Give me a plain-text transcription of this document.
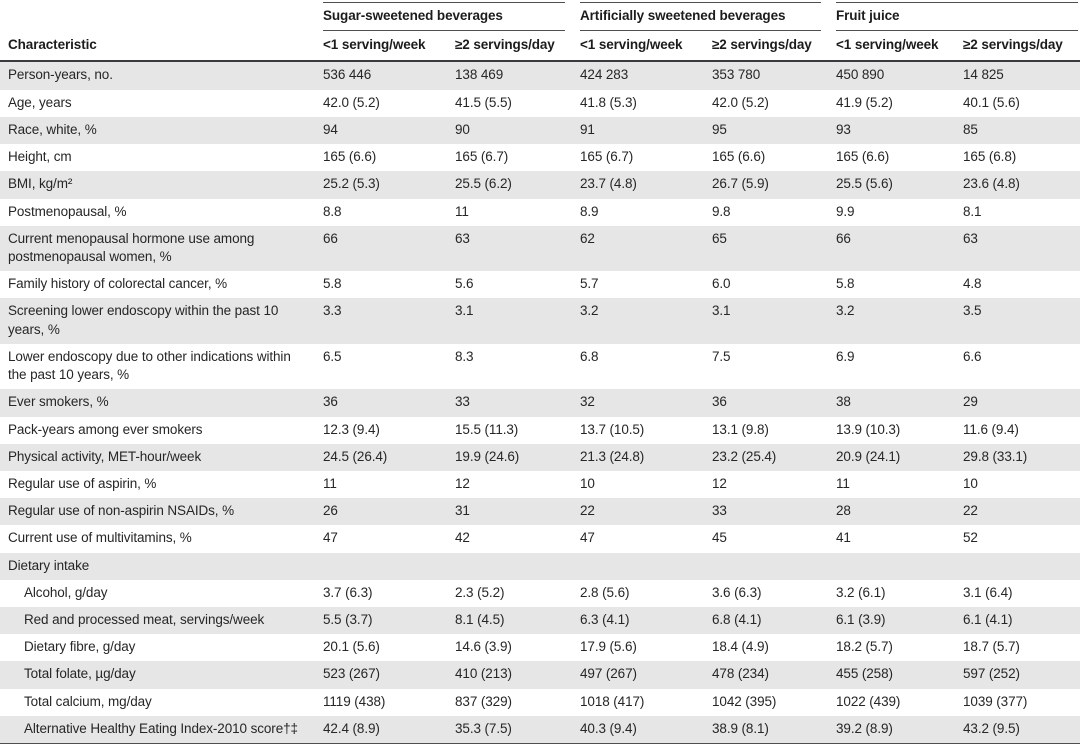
	Sugar-sweetened beverages		Artificially sweetened beverages		Fruit juice	

Characteristic	<1 serving/week	≥2 servings/day	<1 serving/week	≥2 servings/day	<1 serving/week	≥2 servings/day
Person-years, no.	536 446	138 469	424 283	353 780	450 890	14 825
Age, years	42.0 (5.2)	41.5 (5.5)	41.8 (5.3)	42.0 (5.2)	41.9 (5.2)	40.1 (5.6)
Race, white, %	94	90	91	95	93	85
Height, cm	165 (6.6)	165 (6.7)	165 (6.7)	165 (6.6)	165 (6.6)	165 (6.8)
BMI, kg/m²	25.2 (5.3)	25.5 (6.2)	23.7 (4.8)	26.7 (5.9)	25.5 (5.6)	23.6 (4.8)
Postmenopausal, %	8.8	11	8.9	9.8	9.9	8.1
Current menopausal hormone use among postmenopausal women, %	66	63	62	65	66	63
Family history of colorectal cancer, %	5.8	5.6	5.7	6.0	5.8	4.8
Screening lower endoscopy within the past 10 years, %	3.3	3.1	3.2	3.1	3.2	3.5
Lower endoscopy due to other indications within the past 10 years, %	6.5	8.3	6.8	7.5	6.9	6.6
Ever smokers, %	36	33	32	36	38	29
Pack-years among ever smokers	12.3 (9.4)	15.5 (11.3)	13.7 (10.5)	13.1 (9.8)	13.9 (10.3)	11.6 (9.4)
Physical activity, MET-hour/week	24.5 (26.4)	19.9 (24.6)	21.3 (24.8)	23.2 (25.4)	20.9 (24.1)	29.8 (33.1)
Regular use of aspirin, %	11	12	10	12	11	10
Regular use of non-aspirin NSAIDs, %	26	31	22	33	28	22
Current use of multivitamins, %	47	42	47	45	41	52
Dietary intake						
Alcohol, g/day	3.7 (6.3)	2.3 (5.2)	2.8 (5.6)	3.6 (6.3)	3.2 (6.1)	3.1 (6.4)
Red and processed meat, servings/week	5.5 (3.7)	8.1 (4.5)	6.3 (4.1)	6.8 (4.1)	6.1 (3.9)	6.1 (4.1)
Dietary fibre, g/day	20.1 (5.6)	14.6 (3.9)	17.9 (5.6)	18.4 (4.9)	18.2 (5.7)	18.7 (5.7)
Total folate, µg/day	523 (267)	410 (213)	497 (267)	478 (234)	455 (258)	597 (252)
Total calcium, mg/day	1119 (438)	837 (329)	1018 (417)	1042 (395)	1022 (439)	1039 (377)
Alternative Healthy Eating Index-2010 score†‡	42.4 (8.9)	35.3 (7.5)	40.3 (9.4)	38.9 (8.1)	39.2 (8.9)	43.2 (9.5)
